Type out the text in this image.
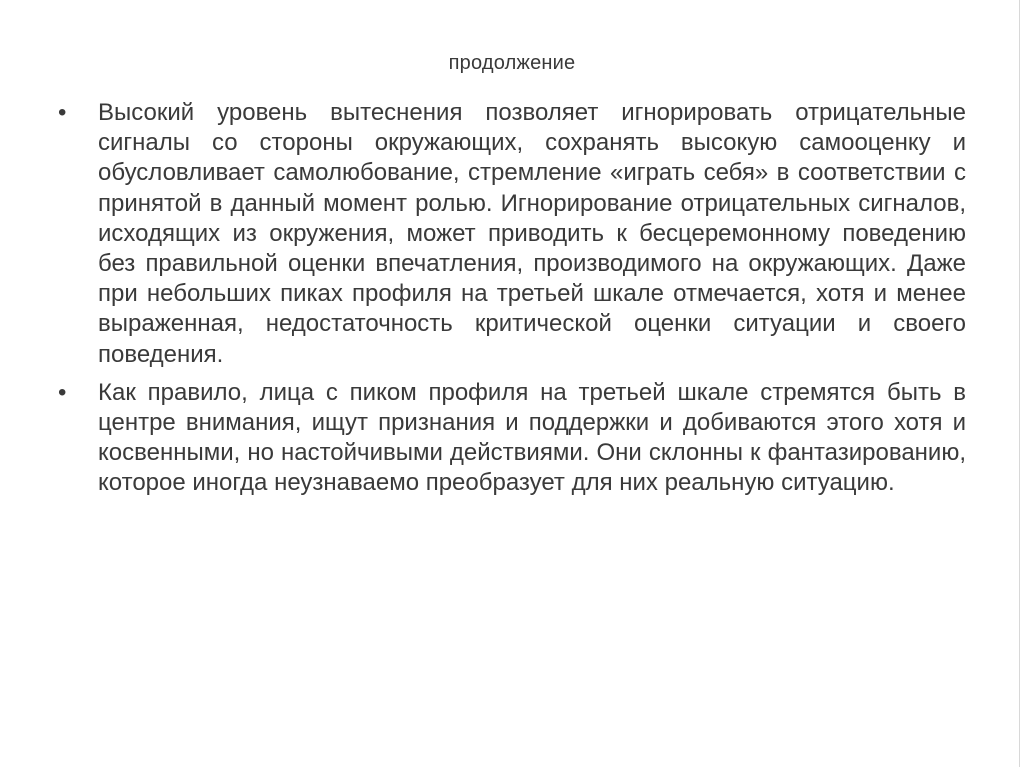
продолжение
•	Высокий уровень вытеснения позволяет игнорировать отрицательные сигналы со стороны окружающих, сохранять высокую самооценку и обусловливает самолюбование, стремление «играть себя» в соответствии с принятой в данный момент ролью. Игнорирование отрицательных сигналов, исходящих из окружения, может приводить к бесцеремонному поведению без правильной оценки впечатления, производимого на окружающих. Даже при небольших пиках профиля на третьей шкале отмечается, хотя и менее выраженная, недостаточность критической оценки ситуации и своего поведения.
•	Как правило, лица с пиком профиля на третьей шкале стремятся быть в центре внимания, ищут признания и поддержки и добиваются этого хотя и косвенными, но настойчивыми действиями. Они склонны к фантазированию, которое иногда неузнаваемо преобразует для них реальную ситуацию.
